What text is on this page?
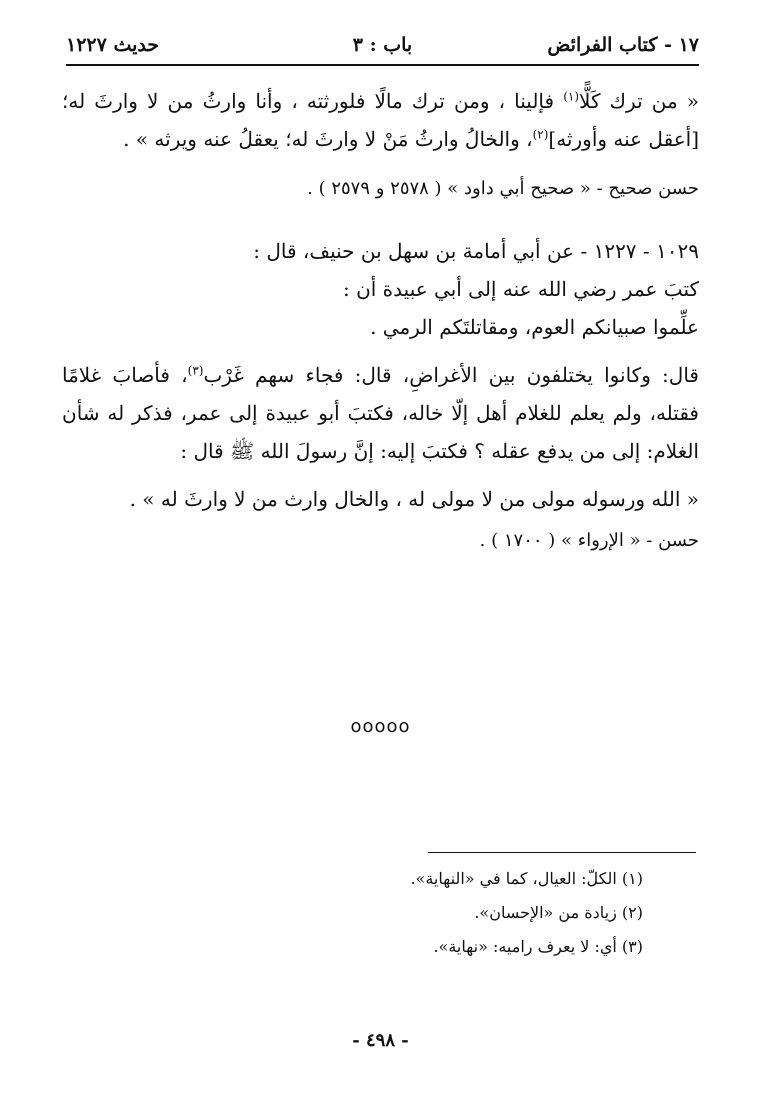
١٧ - كتاب الفرائض
باب : ٣
حديث ١٢٢٧

« من ترك كَلًّا$^{(١)}$ فإلينا ، ومن ترك مالًا فلورثته ، وأنا وارثُ من لا وارثَ له؛ [أعقل عنه وأورثه]$^{(٢)}$، والخالُ وارثُ مَنْ لا وارثَ له؛ يعقلُ عنه ويرثه » .

حسن صحيح - « صحيح أبي داود » ( ٢٥٧٨ و ٢٥٧٩ ) .

١٠٢٩ - ١٢٢٧ - عن أبي أمامة بن سهل بن حنيف، قال :

كتبَ عمر رضي الله عنه إلى أبي عبيدة أن :

علِّموا صبيانكم العوم، ومقاتلتَكم الرمي .

قال: وكانوا يختلفون بين الأغراضِ، قال: فجاء سهم غَرْب$^{(٣)}$، فأصابَ غلامًا فقتله، ولم يعلم للغلام أهل إلّا خاله، فكتبَ أبو عبيدة إلى عمر، فذكر له شأن الغلام: إلى من يدفع عقله ؟ فكتبَ إليه: إنَّ رسولَ الله ﷺ قال :

« الله ورسوله مولى من لا مولى له ، والخال وارث من لا وارثَ له » .

حسن - « الإرواء » ( ١٧٠٠ ) .

ooooo

(١) الكلّ: العيال، كما في «النهاية».

(٢) زيادة من «الإحسان».

(٣) أي: لا يعرف راميه: «نهاية».

- ٤٩٨ -
